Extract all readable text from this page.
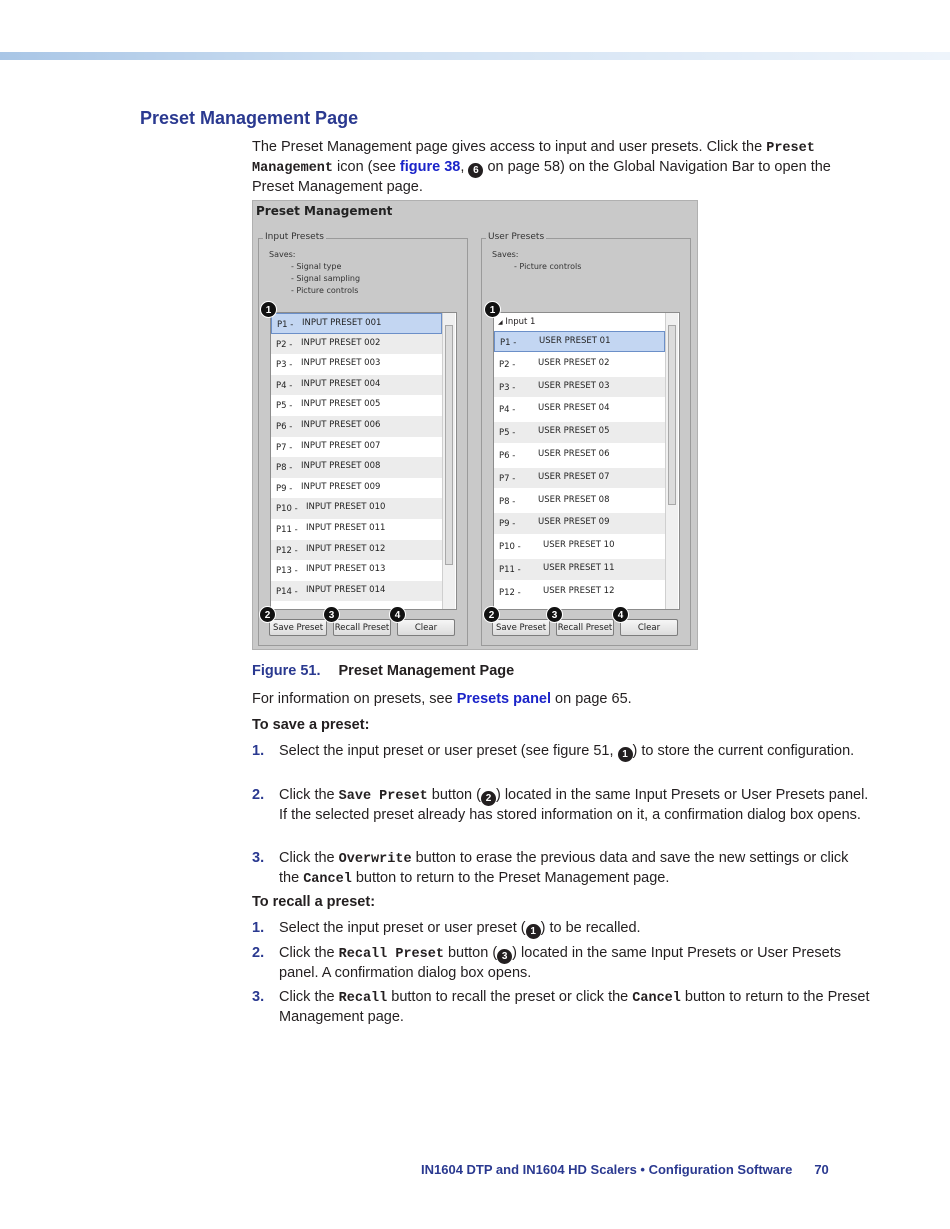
Preset Management Page

The Preset Management page gives access to input and user presets. Click the Preset
Management icon (see figure 38, 6 on page 58) on the Global Navigation Bar to open the Preset Management page.

Preset Management
Input Presets
Saves:
- Signal type
- Signal sampling
- Picture controls
P14 - INPUT PRESET 014
P13 - INPUT PRESET 013
P12 - INPUT PRESET 012
P11 - INPUT PRESET 011
P10 - INPUT PRESET 010
P9 - INPUT PRESET 009
P8 - INPUT PRESET 008
P7 - INPUT PRESET 007
P6 - INPUT PRESET 006
P5 - INPUT PRESET 005
P4 - INPUT PRESET 004
P3 - INPUT PRESET 003
P2 - INPUT PRESET 002
P1 - INPUT PRESET 001
User Presets
Saves:
- Picture controls
P12 -	USER PRESET 12
P11 -	USER PRESET 11
P10 -	USER PRESET 10
P9 -	USER PRESET 09
P8 -	USER PRESET 08
P7 -	USER PRESET 07
P6 -	USER PRESET 06
P5 -	USER PRESET 05
P4 -	USER PRESET 04
P3 -	USER PRESET 03
P2 -	USER PRESET 02
P1 -	USER PRESET 01
◢ Input 1
Save Preset	Recall Preset	Clear	Save Preset	Recall Preset	Clear
1	1
2	3	4	2	3	4
Figure 51. Preset Management Page

For information on presets, see Presets panel on page 65.

To save a preset:
1. Select the input preset or user preset (see figure 51, 1 ) to store the current configuration.
2. Click the Save Preset button ( 2 ) located in the same Input Presets or User Presets panel. If the selected preset already has stored information on it, a confirmation dialog box opens.
3. Click the Overwrite button to erase the previous data and save the new settings or click the Cancel button to return to the Preset Management page.
To recall a preset:
1. Select the input preset or user preset ( 1 ) to be recalled.
2. Click the Recall Preset button ( 3 ) located in the same Input Presets or User Presets panel. A confirmation dialog box opens.
3. Click the Recall button to recall the preset or click the Cancel button to return to the Preset Management page.
IN1604 DTP and IN1604 HD Scalers • Configuration Software 70
